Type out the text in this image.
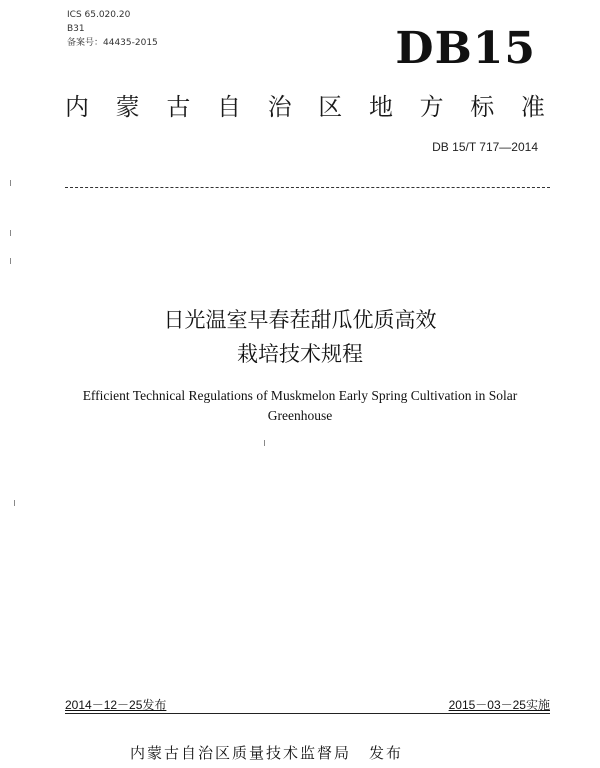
ICS 65.020.20
B31
备案号：44435-2015	DB15
内 蒙 古 自 治 区 地 方 标 准
DB 15/T 717—2014
日光温室早春茬甜瓜优质高效
栽培技术规程
Efficient Technical Regulations of Muskmelon Early Spring Cultivation in Solar
Greenhouse
2014－12－25发布	2015－03－25实施
内蒙古自治区质量技术监督局 发布
